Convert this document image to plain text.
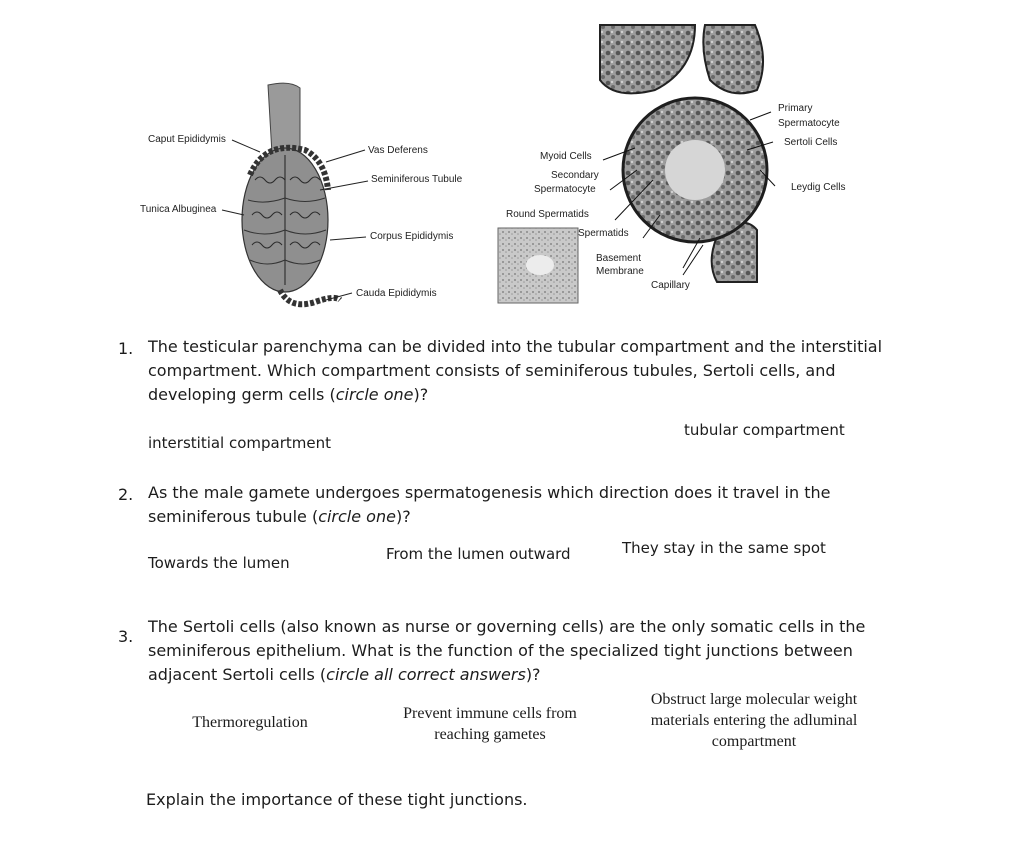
Caput Epididymis
Tunica Albuginea
Vas Deferens
Seminiferous Tubule
Corpus Epididymis
Cauda Epididymis
Primary
Spermatocyte
Sertoli Cells
Leydig Cells
Myoid Cells
Secondary
Spermatocyte
Round Spermatids
Spermatids
Basement
Membrane
Capillary
1. The testicular parenchyma can be divided into the tubular compartment and the interstitial compartment. Which compartment consists of seminiferous tubules, Sertoli cells, and developing germ cells (circle one)?
interstitial compartment
tubular compartment
2. As the male gamete undergoes spermatogenesis which direction does it travel in the seminiferous tubule (circle one)?
Towards the lumen	From the lumen outward	They stay in the same spot
3.
The Sertoli cells (also known as nurse or governing cells) are the only somatic cells in the seminiferous epithelium. What is the function of the specialized tight junctions between adjacent Sertoli cells (circle all correct answers)?
Thermoregulation
Prevent immune cells from reaching gametes
Obstruct large molecular weight materials entering the adluminal compartment
Explain the importance of these tight junctions.
